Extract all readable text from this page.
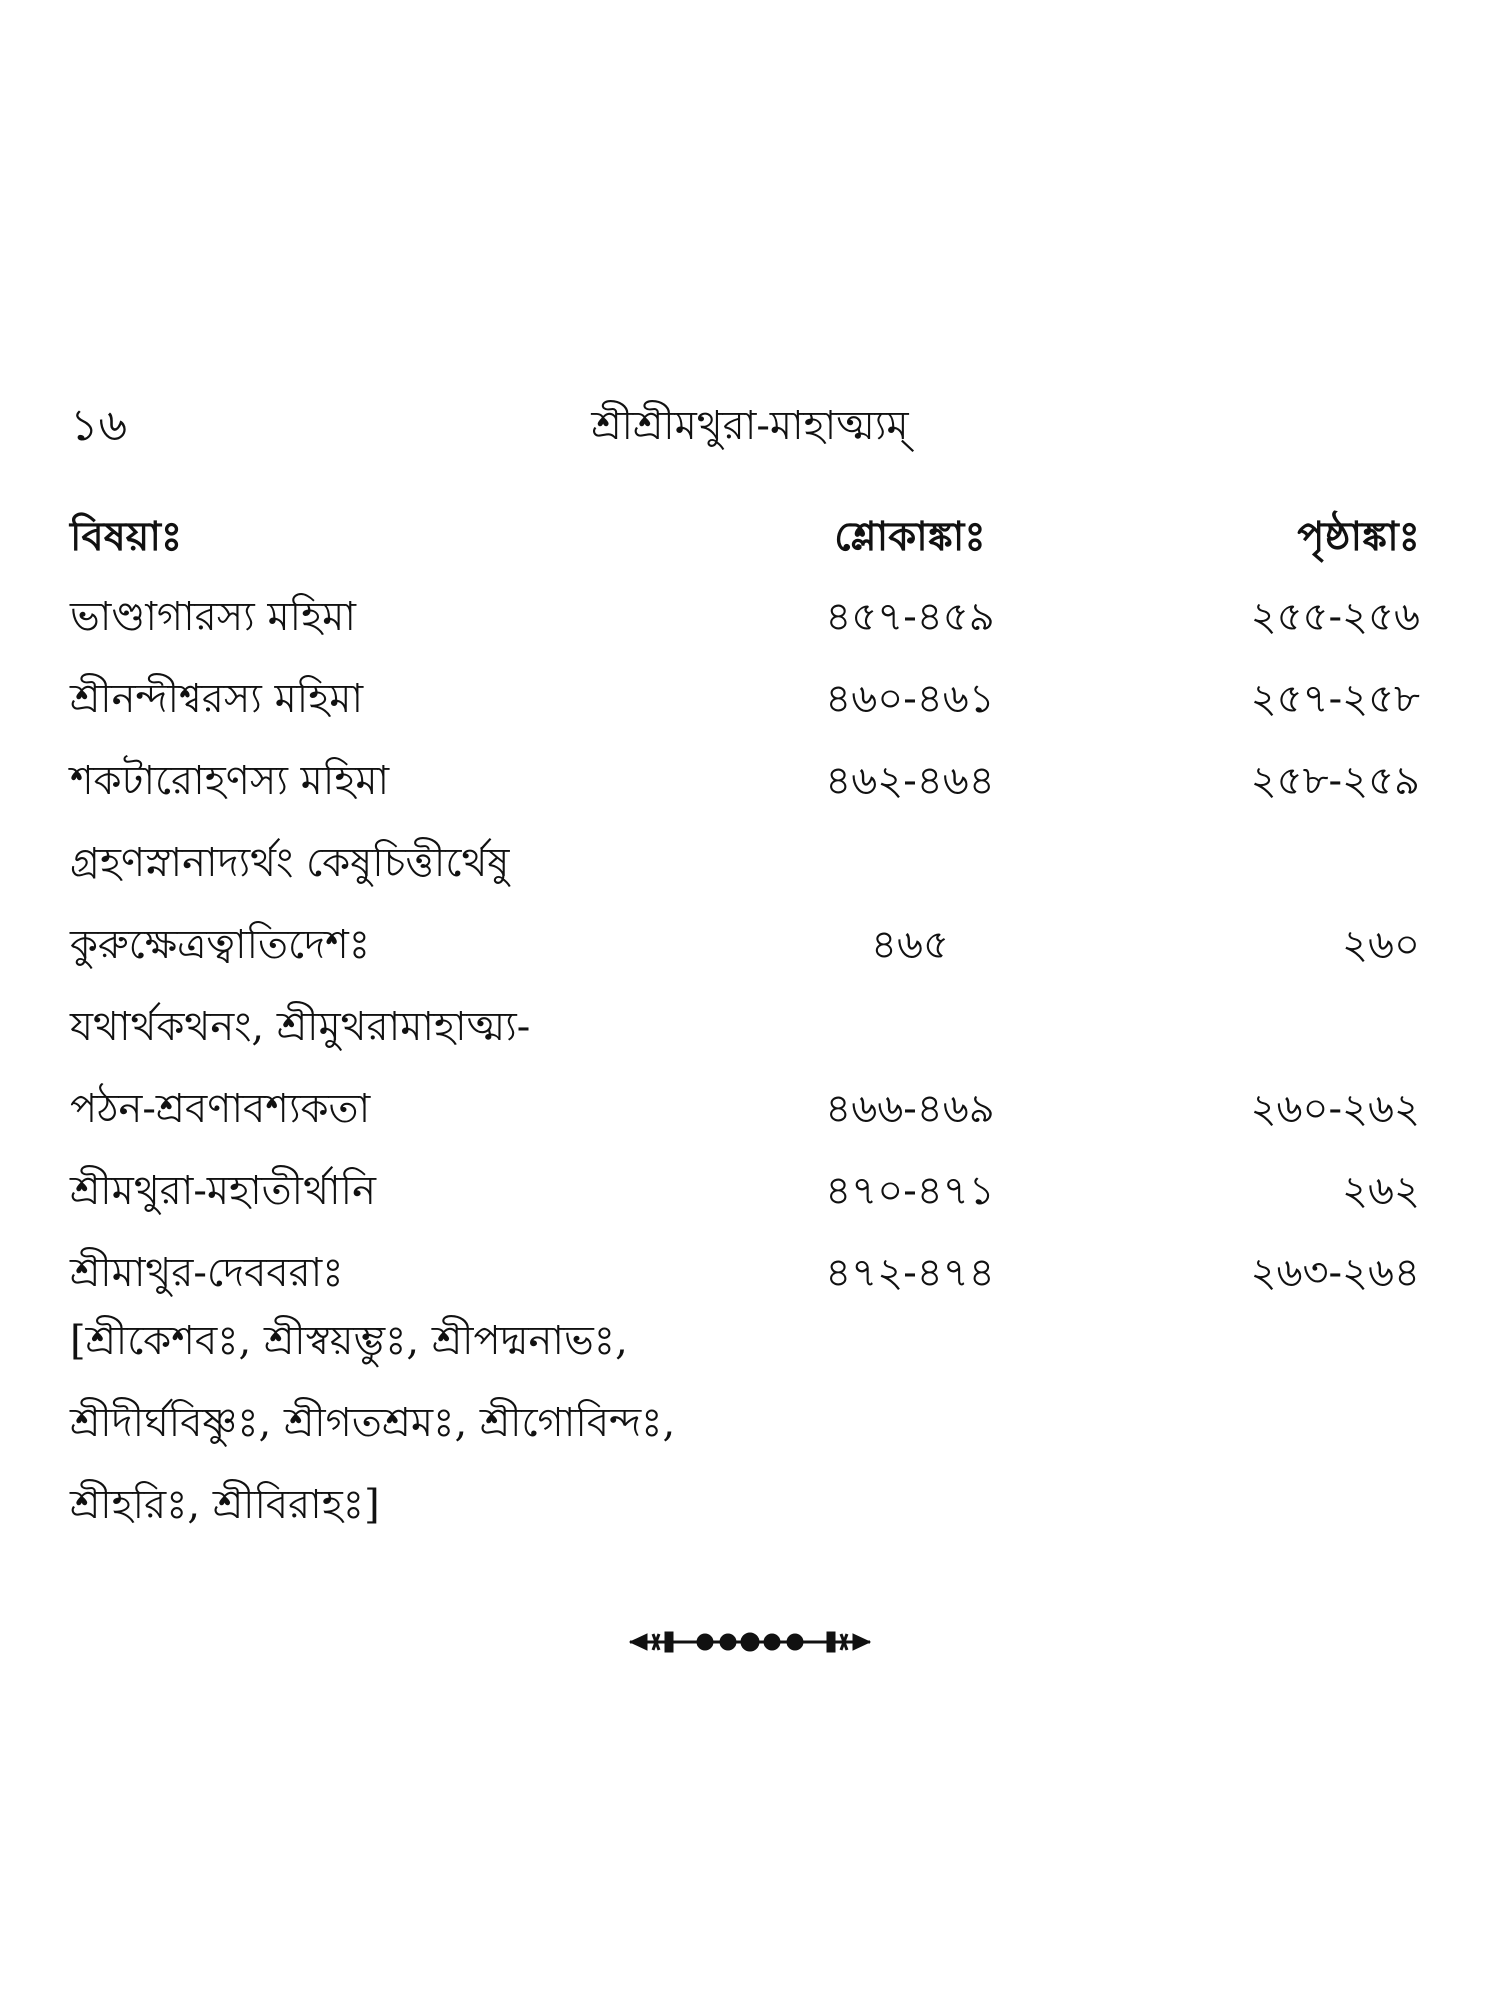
১৬	শ্রীশ্রীমথুরা-মাহাত্ম্যম্
বিষয়াঃ	শ্লোকাঙ্কাঃ	পৃষ্ঠাঙ্কাঃ
ভাণ্ডাগারস্য মহিমা	৪৫৭-৪৫৯	২৫৫-২৫৬
শ্রীনন্দীশ্বরস্য মহিমা	৪৬০-৪৬১	২৫৭-২৫৮
শকটারোহণস্য মহিমা	৪৬২-৪৬৪	২৫৮-২৫৯
গ্রহণস্নানাদ্যর্থং কেষুচিত্তীর্থেষু
কুরুক্ষেত্রত্বাতিদেশঃ	৪৬৫	২৬০
যথার্থকথনং, শ্রীমুথরামাহাত্ম্য-
পঠন-শ্রবণাবশ্যকতা	৪৬৬-৪৬৯	২৬০-২৬২
শ্রীমথুরা-মহাতীর্থানি	৪৭০-৪৭১	২৬২
শ্রীমাথুর-দেববরাঃ	৪৭২-৪৭৪	২৬৩-২৬৪
[শ্রীকেশবঃ, শ্রীস্বয়ম্ভুঃ, শ্রীপদ্মনাভঃ,
শ্রীদীর্ঘবিষ্ণুঃ, শ্রীগতশ্রমঃ, শ্রীগোবিন্দঃ,
শ্রীহরিঃ, শ্রীবিরাহঃ]
